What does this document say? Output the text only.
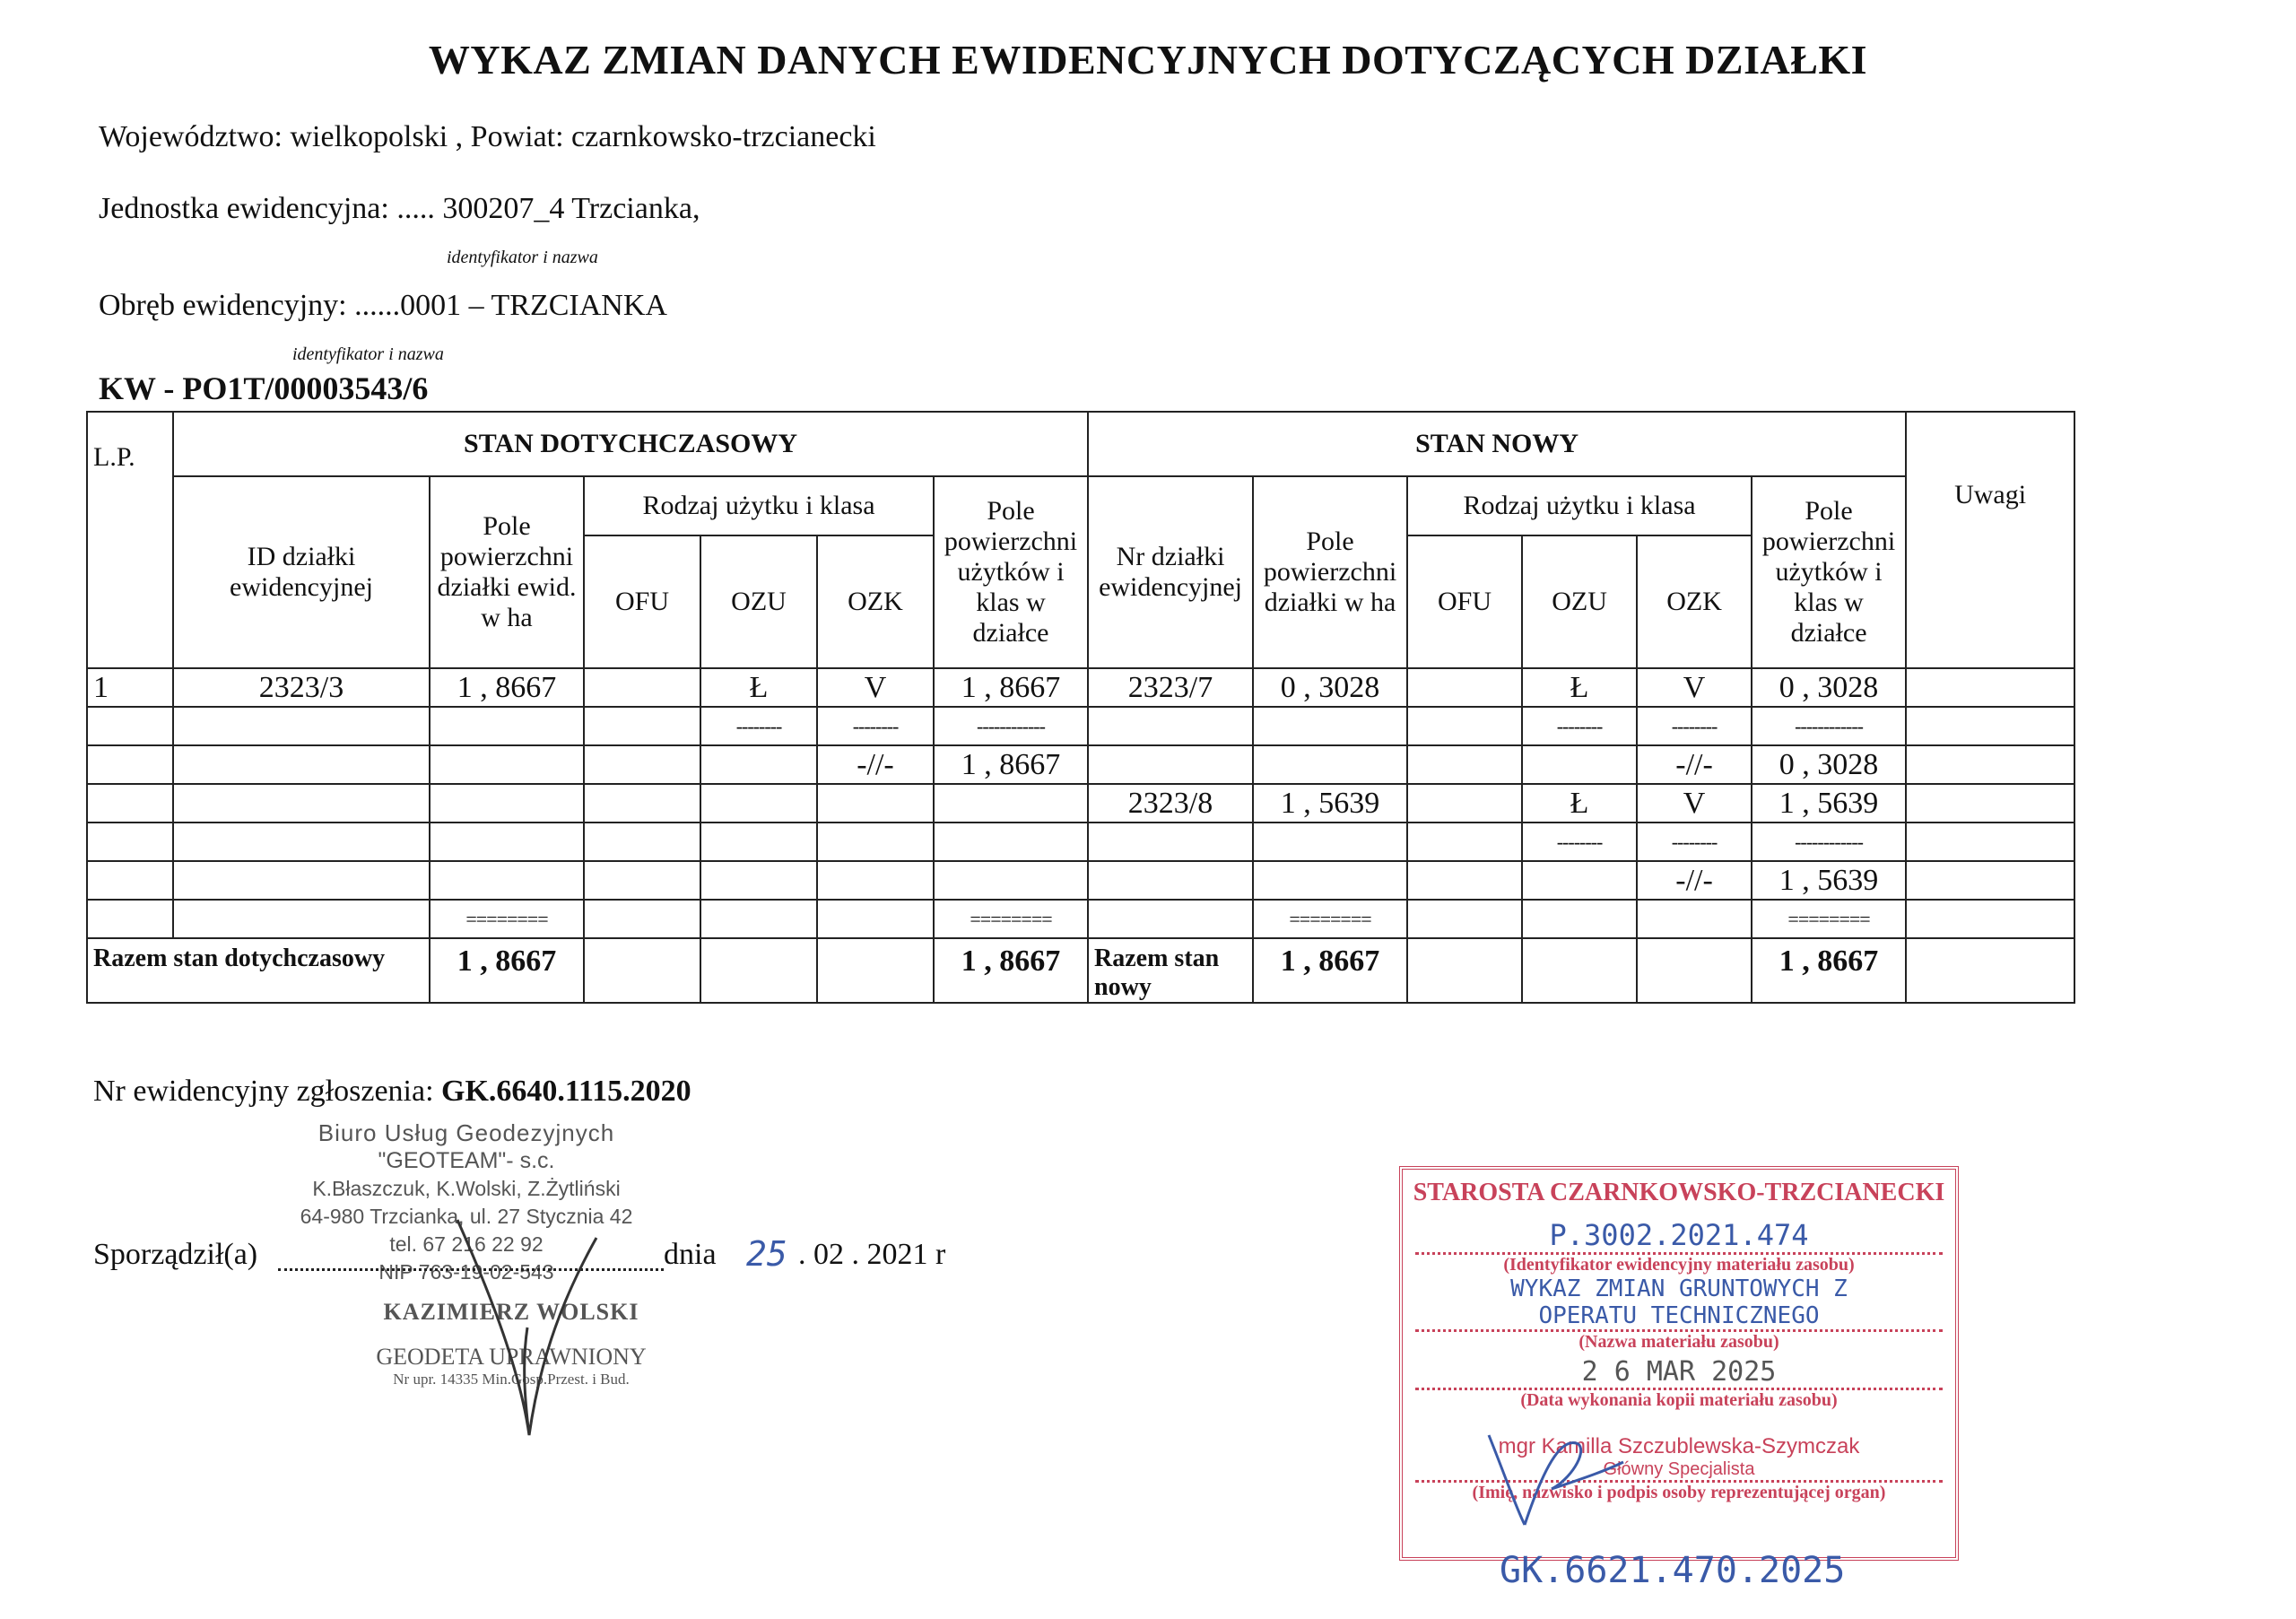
WYKAZ ZMIAN DANYCH EWIDENCYJNYCH DOTYCZĄCYCH DZIAŁKI
Województwo: wielkopolski , Powiat: czarnkowsko-trzcianecki
Jednostka ewidencyjna: ..... 300207_4 Trzcianka,
identyfikator i nazwa
Obręb ewidencyjny: ......0001 – TRZCIANKA
identyfikator i nazwa
KW - PO1T/00003543/6
L.P.	STAN DOTYCHCZASOWY						STAN NOWY						Uwagi

	ID działki ewidencyjnej	Pole powierzchni działki ewid. w ha	Rodzaj użytku i klasa			Pole powierzchni użytków i klas w działce	Nr działki ewidencyjnej	Pole powierzchni działki w ha	Rodzaj użytku i klasa			Pole powierzchni użytków i klas w działce	
			OFU	OZU	OZK				OFU	OZU	OZK		
1	2323/3	1 , 8667		Ł	V	1 , 8667	2323/7	0 , 3028		Ł	V	0 , 3028	
				--------	--------	------------				--------	--------	------------	
					-//-	1 , 8667					-//-	0 , 3028	
							2323/8	1 , 5639		Ł	V	1 , 5639	
										--------	--------	------------	
											-//-	1 , 5639	
		========				========		========				========	
Razem stan dotychczasowy		1 , 8667				1 , 8667	Razem stan nowy	1 , 8667				1 , 8667	
Nr ewidencyjny zgłoszenia: GK.6640.1115.2020
Biuro Usług Geodezyjnych
"GEOTEAM"- s.c.
K.Błaszczuk, K.Wolski, Z.Żytliński
64-980 Trzcianka, ul. 27 Stycznia 42
tel. 67 216 22 92
NIP 763-19-02-543
Sporządził(a)	dnia 25 . 02 . 2021 r
KAZIMIERZ WOLSKI
GEODETA UPRAWNIONY
Nr upr. 14335 Min.Gosp.Przest. i Bud.
STAROSTA CZARNKOWSKO-TRZCIANECKI
P.3002.2021.474
(Identyfikator ewidencyjny materiału zasobu)
WYKAZ ZMIAN GRUNTOWYCH Z
OPERATU TECHNICZNEGO
(Nazwa materiału zasobu)
2 6 MAR 2025
(Data wykonania kopii materiału zasobu)
mgr Kamilla Szczublewska-Szymczak
Główny Specjalista
(Imię, nazwisko i podpis osoby reprezentującej organ)
GK.6621.470.2025
